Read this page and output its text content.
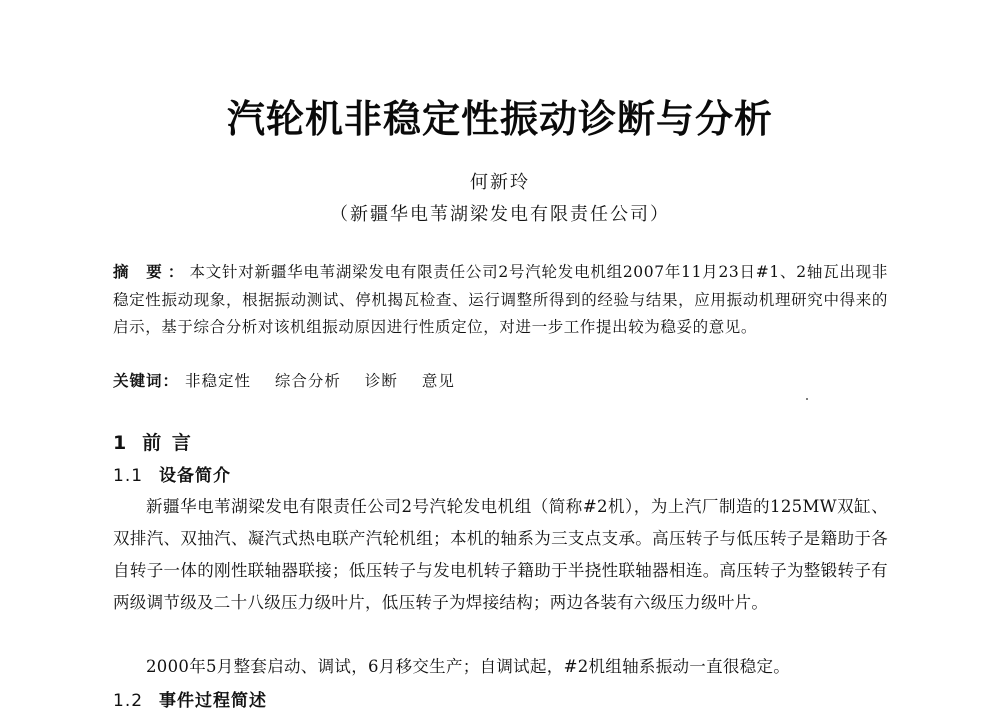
汽轮机非稳定性振动诊断与分析
何新玲
（新疆华电苇湖梁发电有限责任公司）
摘 要：本文针对新疆华电苇湖梁发电有限责任公司2号汽轮发电机组2007年11月23日#1、2轴瓦出现非稳定性振动现象，根据振动测试、停机揭瓦检查、运行调整所得到的经验与结果，应用振动机理研究中得来的启示，基于综合分析对该机组振动原因进行性质定位，对进一步工作提出较为稳妥的意见。
关键词： 非稳定性 综合分析 诊断 意见
1 前 言
1.1 设备简介
新疆华电苇湖梁发电有限责任公司2号汽轮发电机组（简称#2机），为上汽厂制造的125MW双缸、双排汽、双抽汽、凝汽式热电联产汽轮机组；本机的轴系为三支点支承。高压转子与低压转子是籍助于各自转子一体的刚性联轴器联接；低压转子与发电机转子籍助于半挠性联轴器相连。高压转子为整锻转子有两级调节级及二十八级压力级叶片，低压转子为焊接结构；两边各装有六级压力级叶片。
2000年5月整套启动、调试，6月移交生产；自调试起，#2机组轴系振动一直很稳定。
1.2 事件过程简述
